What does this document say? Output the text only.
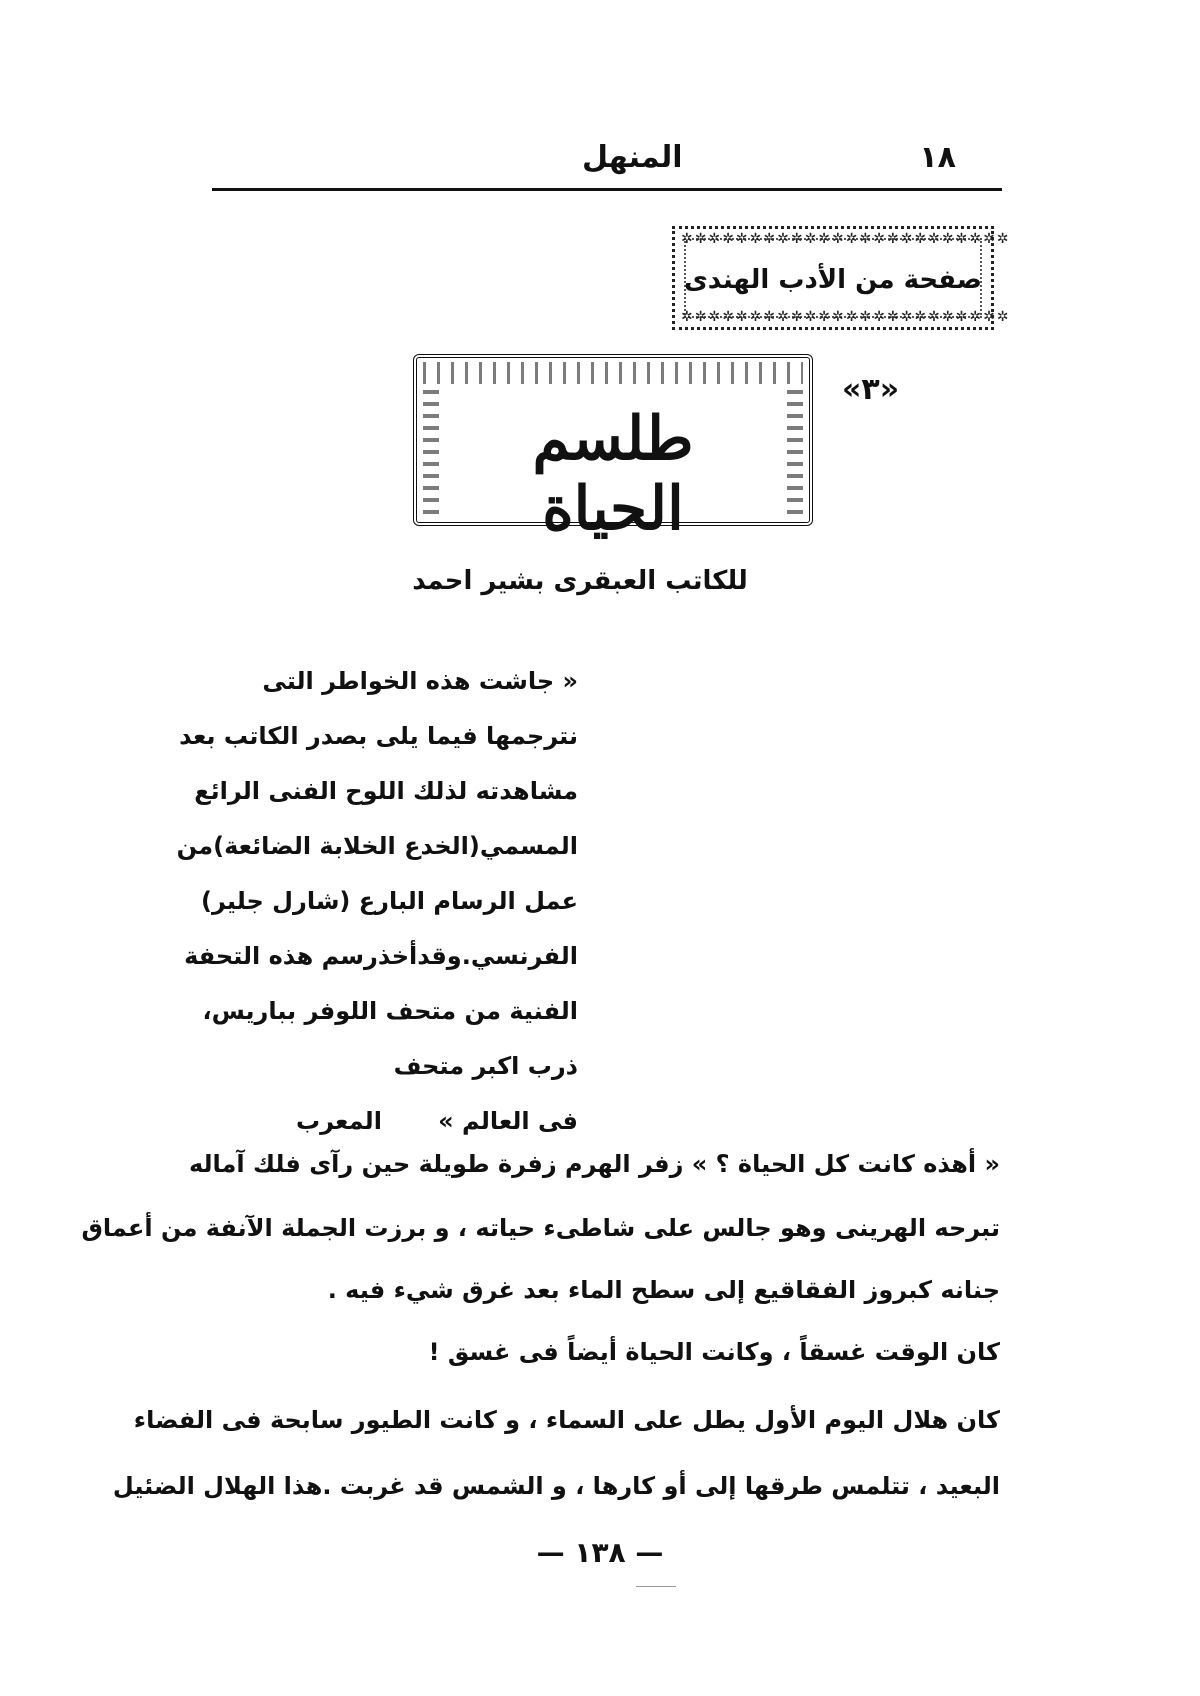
١٨
المنهل
✲✲✲✲✲✲✲✲✲✲✲✲✲✲✲✲✲✲✲✲✲✲✲✲
صفحة من الأدب الهندى
✲✲✲✲✲✲✲✲✲✲✲✲✲✲✲✲✲✲✲✲✲✲✲✲
«٣»
طلسم الحياة
للكاتب العبقرى بشير احمد
« جاشت هذه الخواطر التى
نترجمها فيما يلى بصدر الكاتب بعد
مشاهدته لذلك اللوح الفنى الرائع
المسمي(الخدع الخلابة الضائعة)من
عمل الرسام البارع (شارل جلير)
الفرنسي.وقدأخذرسم هذه التحفة
الفنية من متحف اللوفر بباريس،
ذرب اكبر متحف
فى العالم »
المعرب
« أهذه كانت كل الحياة ؟ » زفر الهرم زفرة طويلة حين رآى فلك آماله
تبرحه الهرينى وهو جالس على شاطىء حياته ، و برزت الجملة الآنفة من أعماق
جنانه كبروز الفقاقيع إلى سطح الماء بعد غرق شيء فيه .
كان الوقت غسقاً ، وكانت الحياة أيضاً فى غسق !
كان هلال اليوم الأول يطل على السماء ، و كانت الطيور سابحة فى الفضاء
البعيد ، تتلمس طرقها إلى أو كارها ، و الشمس قد غربت .هذا الهلال الضئيل
— ١٣٨ —
